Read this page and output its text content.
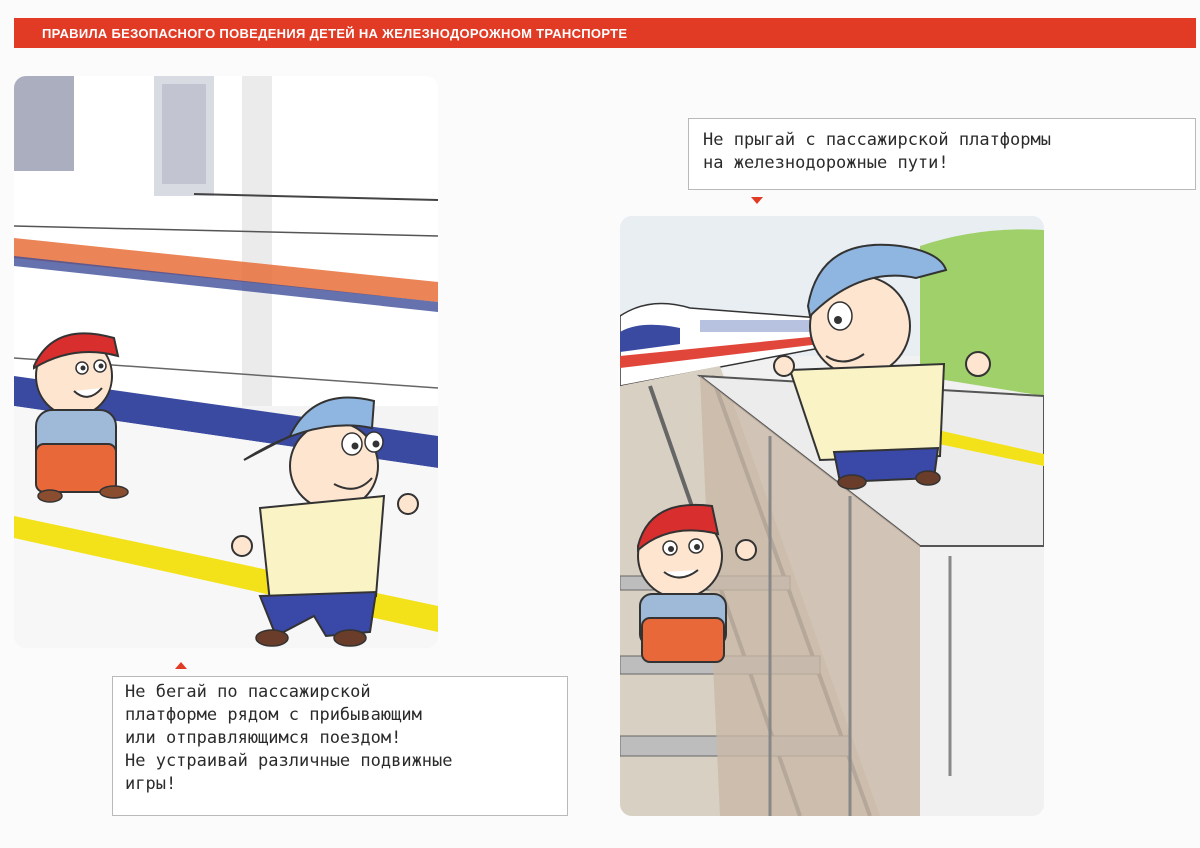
ПРАВИЛА БЕЗОПАСНОГО ПОВЕДЕНИЯ ДЕТЕЙ НА ЖЕЛЕЗНОДОРОЖНОМ ТРАНСПОРТЕ
Не бегай по пассажирской
платформе рядом с прибывающим
или отправляющимся поездом!
Не устраивай различные подвижные
игры!
Не прыгай с пассажирской платформы
на железнодорожные пути!
